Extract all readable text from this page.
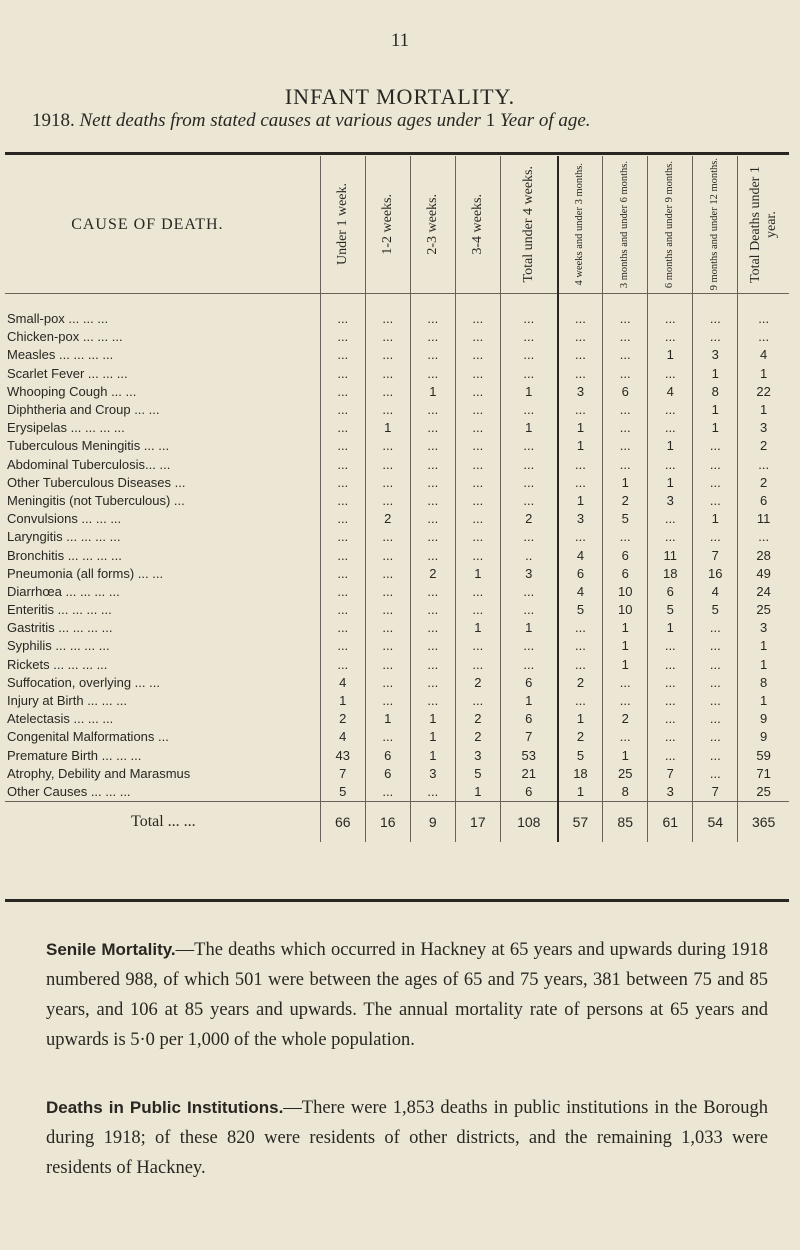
11
INFANT MORTALITY.
1918. Nett deaths from stated causes at various ages under 1 Year of age.
CAUSE OF DEATH.	Under 1 week.	1-2 weeks.	2-3 weeks.	3-4 weeks.	Total under 4 weeks.	4 weeks and under 3 months.	3 months and under 6 months.	6 months and under 9 months.	9 months and under 12 months.	Total Deaths under 1 year.

Small-pox ... ... ...	...	...	...	...	...	...	...	...	...	...
Chicken-pox ... ... ...	...	...	...	...	...	...	...	...	...	...
Measles ... ... ... ...	...	...	...	...	...	...	...	1	3	4
Scarlet Fever ... ... ...	...	...	...	...	...	...	...	...	1	1
Whooping Cough ... ...	...	...	1	...	1	3	6	4	8	22
Diphtheria and Croup ... ...	...	...	...	...	...	...	...	...	1	1
Erysipelas ... ... ... ...	...	1	...	...	1	1	...	...	1	3
Tuberculous Meningitis ... ...	...	...	...	...	...	1	...	1	...	2
Abdominal Tuberculosis... ...	...	...	...	...	...	...	...	...	...	...
Other Tuberculous Diseases ...	...	...	...	...	...	...	1	1	...	2
Meningitis (not Tuberculous) ...	...	...	...	...	...	1	2	3	...	6
Convulsions ... ... ...	...	2	...	...	2	3	5	...	1	11
Laryngitis ... ... ... ...	...	...	...	...	...	...	...	...	...	...
Bronchitis ... ... ... ...	...	...	...	...	..	4	6	11	7	28
Pneumonia (all forms) ... ...	...	...	2	1	3	6	6	18	16	49
Diarrhœa ... ... ... ...	...	...	...	...	...	4	10	6	4	24
Enteritis ... ... ... ...	...	...	...	...	...	5	10	5	5	25
Gastritis ... ... ... ...	...	...	...	1	1	...	1	1	...	3
Syphilis ... ... ... ...	...	...	...	...	...	...	1	...	...	1
Rickets ... ... ... ...	...	...	...	...	...	...	1	...	...	1
Suffocation, overlying ... ...	4	...	...	2	6	2	...	...	...	8
Injury at Birth ... ... ...	1	...	...	...	1	...	...	...	...	1
Atelectasis ... ... ...	2	1	1	2	6	1	2	...	...	9
Congenital Malformations ...	4	...	1	2	7	2	...	...	...	9
Premature Birth ... ... ...	43	6	1	3	53	5	1	...	...	59
Atrophy, Debility and Marasmus	7	6	3	5	21	18	25	7	...	71
Other Causes ... ... ...	5	...	...	1	6	1	8	3	7	25
Total ... ...	66	16	9	17	108	57	85	61	54	365
Senile Mortality.—The deaths which occurred in Hackney at 65 years and upwards during 1918 numbered 988, of which 501 were between the ages of 65 and 75 years, 381 between 75 and 85 years, and 106 at 85 years and upwards. The annual mortality rate of persons at 65 years and upwards is 5·0 per 1,000 of the whole population.
Deaths in Public Institutions.—There were 1,853 deaths in public institutions in the Borough during 1918; of these 820 were residents of other districts, and the remaining 1,033 were residents of Hackney.
